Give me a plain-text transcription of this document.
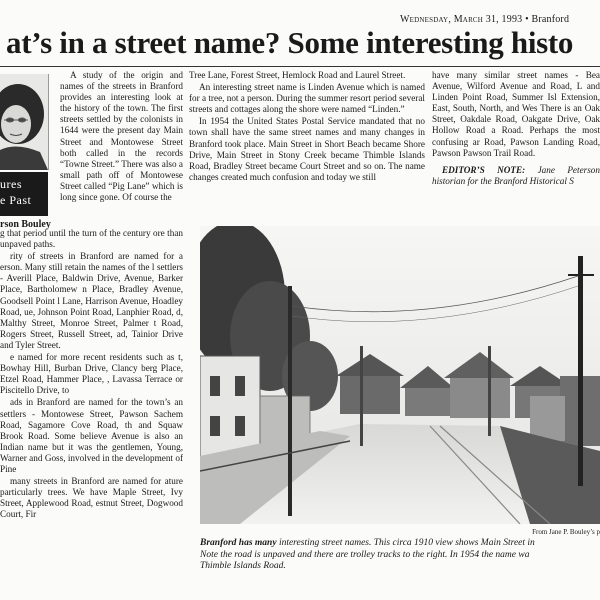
Wednesday, March 31, 1993 • Branford
at’s in a street name? Some interesting histo
ures
e Past
rson Bouley

A study of the origin and names of the streets in Branford provides an interesting look at the history of the town. The first streets settled by the colonists in 1644 were the present day Main Street and Montowese Street both called in the records “Towne Street.” There was also a small path off of Montowese Street called “Pig Lane” which is long since gone. Of course the

g that period until the turn of the century ore than unpaved paths.

rity of streets in Branford are named for a erson. Many still retain the names of the l settlers - Averill Place, Baldwin Drive, Avenue, Barker Place, Bartholomew n Place, Bradley Avenue, Goodsell Point l Lane, Harrison Avenue, Hoadley Road, ue, Johnson Point Road, Lanphier Road, d, Malthy Street, Monroe Street, Palmer t Road, Rogers Street, Russell Street, ad, Tainior Drive and Tyler Street.

e named for more recent residents such as t, Bowhay Hill, Burban Drive, Clancy berg Place, Etzel Road, Hammer Place, , Lavassa Terrace or Piscitello Drive, to

ads in Branford are named for the town’s an settlers - Montowese Street, Pawson Sachem Road, Sagamore Cove Road, th and Squaw Brook Road. Some believe Avenue is also an Indian name but it was the gentlemen, Young, Warner and Goss, involved in the development of Pine

many streets in Branford are named for ature particularly trees. We have Maple Street, Ivy Street, Applewood Road, estnut Street, Dogwood Court, Fir

Tree Lane, Forest Street, Hemlock Road and Laurel Street.

An interesting street name is Linden Avenue which is named for a tree, not a person. During the summer resort period several streets and cottages along the shore were named “Linden.”

In 1954 the United States Postal Service mandated that no town shall have the same street names and many changes in Branford took place. Main Street in Short Beach became Shore Drive, Main Street in Stony Creek became Thimble Islands Road, Bradley Street became Court Street and so on. The name changes created much confusion and today we still

have many similar street names - Bea Avenue, Wilford Avenue and Road, L and Linden Point Road, Summer Isl Extension, East, South, North, and Wes There is an Oak Street, Oakdale Road, Oakgate Drive, Oak Hollow Road a Road. Perhaps the most confusing ar Road, Pawson Landing Road, Pawson Pawson Trail Road.

EDITOR’S NOTE: Jane Peterson historian for the Branford Historical S

From Jane P. Bouley’s p
Branford has many interesting street names. This circa 1910 view shows Main Street in
Note the road is unpaved and there are trolley tracks to the right. In 1954 the name wa
Thimble Islands Road.
